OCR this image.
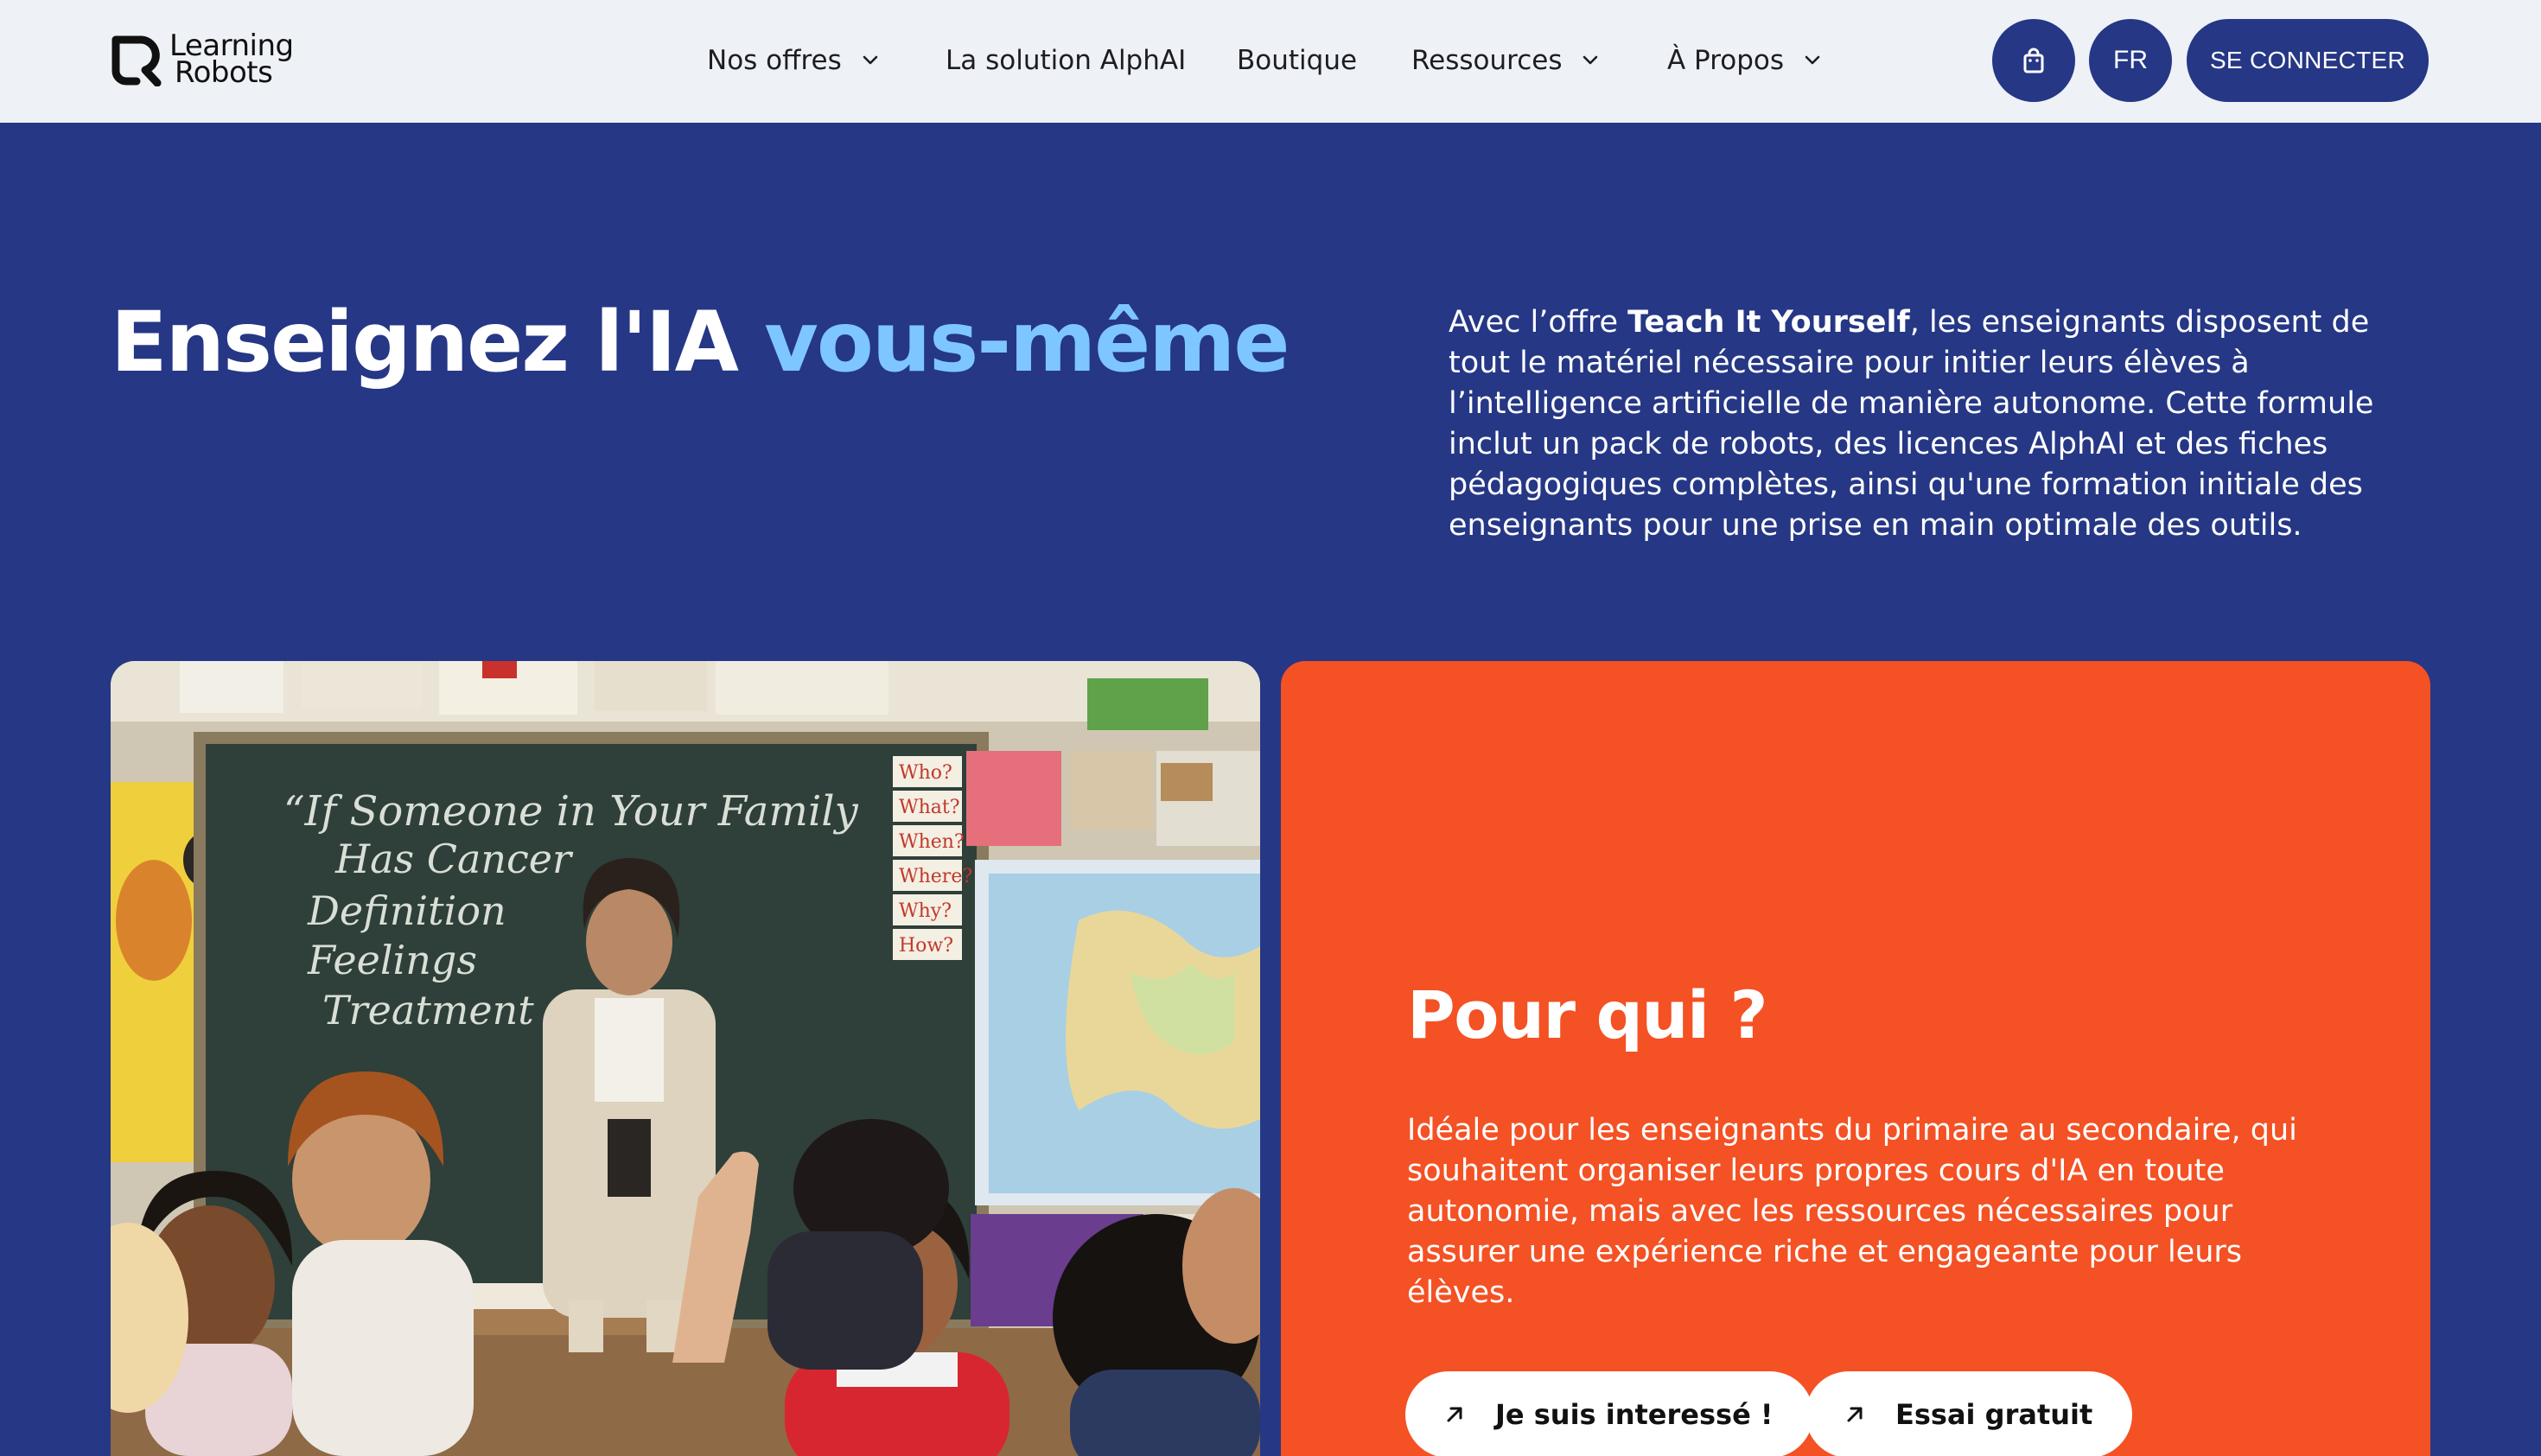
Learning
Robots	Nos offres	La solution AlphAI Boutique Ressources	À Propos	FR	SE CONNECTER
Enseignez l'IA vous-même	Avec l’offre Teach It Yourself, les enseignants disposent de tout le matériel nécessaire pour initier leurs élèves à l’intelligence artificielle de manière autonome. Cette formule inclut un pack de robots, des licences AlphAI et des fiches pédagogiques complètes, ainsi qu'une formation initiale des enseignants pour une prise en main optimale des outils.

“If Someone in Your Family
Has Cancer
Definition
Feelings
Treatment
Who?
What?
When?
Where?
Why?
How?
Pour qui ?

Idéale pour les enseignants du primaire au secondaire, qui souhaitent organiser leurs propres cours d'IA en toute autonomie, mais avec les ressources nécessaires pour assurer une expérience riche et engageante pour leurs élèves.

Je suis interessé !	Essai gratuit
